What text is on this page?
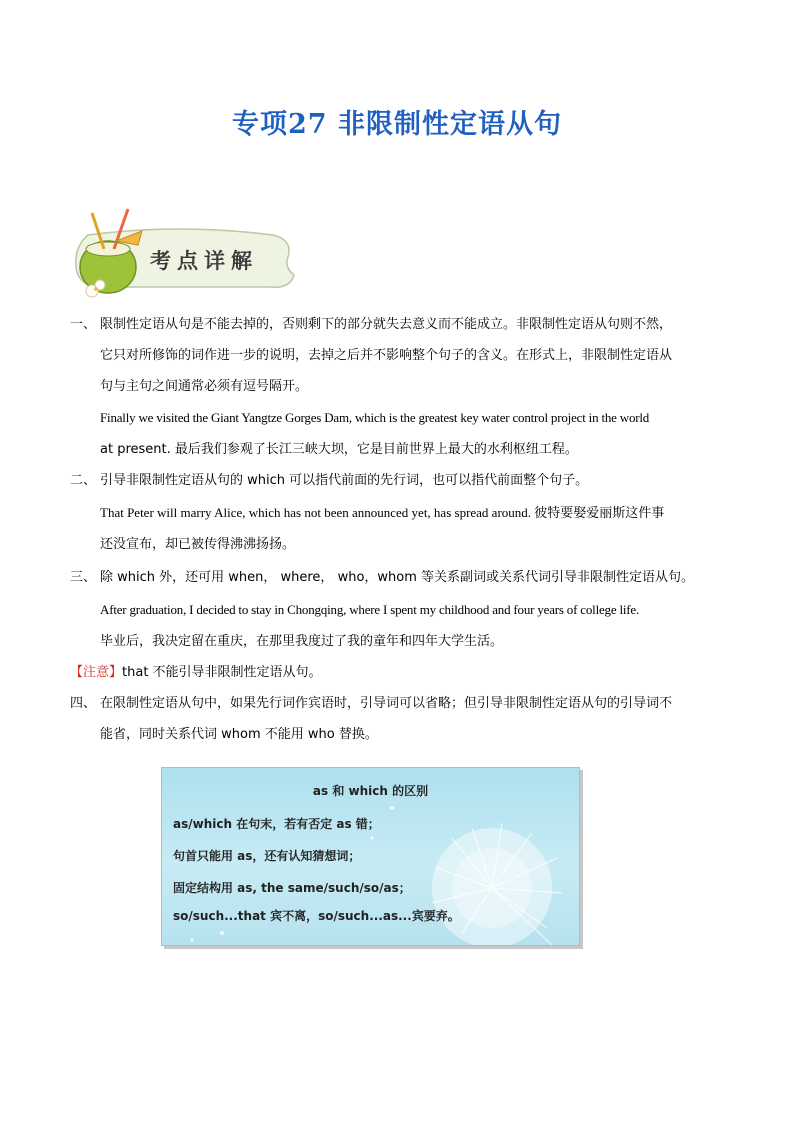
专项27 非限制性定语从句
考点详解
一、 限制性定语从句是不能去掉的，否则剩下的部分就失去意义而不能成立。非限制性定语从句则不然，
它只对所修饰的词作进一步的说明，去掉之后并不影响整个句子的含义。在形式上，非限制性定语从
句与主句之间通常必须有逗号隔开。
Finally we visited the Giant Yangtze Gorges Dam, which is the greatest key water control project in the world
at present. 最后我们参观了长江三峡大坝，它是目前世界上最大的水利枢纽工程。
二、 引导非限制性定语从句的 which 可以指代前面的先行词，也可以指代前面整个句子。
That Peter will marry Alice, which has not been announced yet, has spread around. 彼特要娶爱丽斯这件事
还没宣布，却已被传得沸沸扬扬。
三、 除 which 外，还可用 when， where， who，whom 等关系副词或关系代词引导非限制性定语从句。
After graduation, I decided to stay in Chongqing, where I spent my childhood and four years of college life.
毕业后，我决定留在重庆，在那里我度过了我的童年和四年大学生活。
【注意】that 不能引导非限制性定语从句。
四、 在限制性定语从句中，如果先行词作宾语时，引导词可以省略；但引导非限制性定语从句的引导词不
能省，同时关系代词 whom 不能用 who 替换。
as 和 which 的区别
as/which 在句末，若有否定 as 错；
句首只能用 as，还有认知猜想词；
固定结构用 as, the same/such/so/as；
so/such...that 宾不离，so/such...as...宾要弃。
